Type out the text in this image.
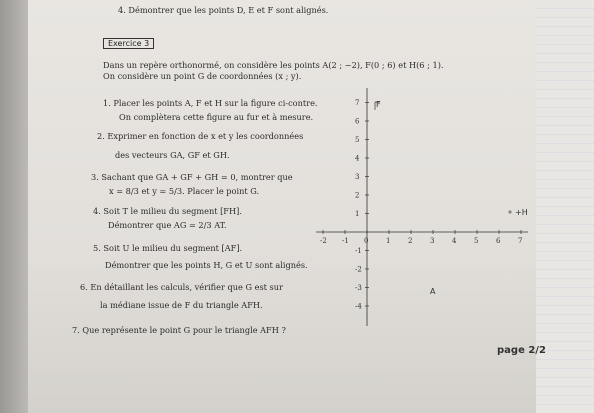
4. Démontrer que les points D, E et F sont alignés.
Exercice 3
Dans un repère orthonormé, on considère les points A(2 ; −2), F(0 ; 6) et H(6 ; 1).
On considère un point G de coordonnées (x ; y).
1. Placer les points A, F et H sur la figure ci-contre.
On complètera cette figure au fur et à mesure.
2. Exprimer en fonction de x et y les coordonnées
des vecteurs GA, GF et GH.
3. Sachant que GA + GF + GH = 0, montrer que
x = 8/3 et y = 5/3. Placer le point G.
4. Soit T le milieu du segment [FH].
Démontrer que AG = 2/3 AT.
5. Soit U le milieu du segment [AF].
Démontrer que les points H, G et U sont alignés.
6. En détaillant les calculs, vérifier que G est sur
la médiane issue de F du triangle AFH.
7. Que représente le point G pour le triangle AFH ?
page 2/2
-2 -1 0	1	2	3	4	5	6	7
7
6
5
4
3
2
1
-1
-2
-3
-4
F
+H
A
